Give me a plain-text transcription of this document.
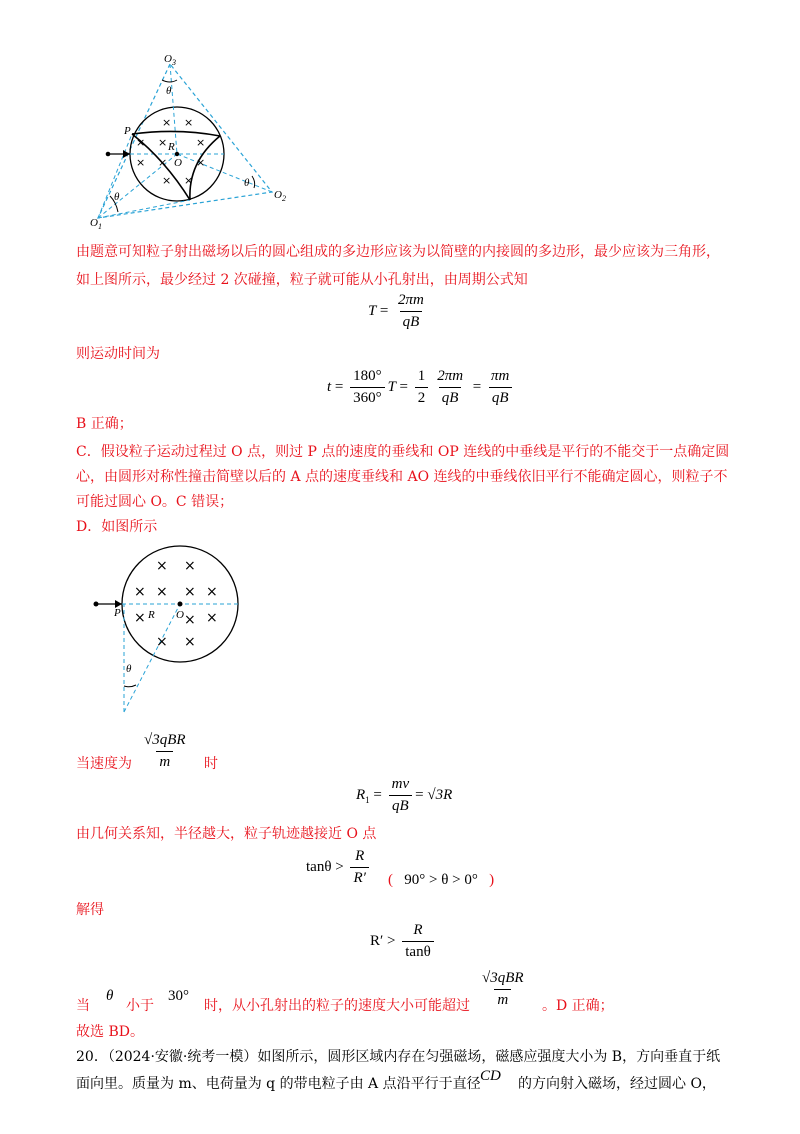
× ×
× ×
× ×
×
×
× ×
$O_3$
θ
P
R
O
θ
θ
$O_1$
$O_2$
由题意可知粒子射出磁场以后的圆心组成的多边形应该为以简壁的内接圆的多边形，最少应该为三角形，
如上图所示，最少经过 2 次碰撞，粒子就可能从小孔射出，由周期公式知
$T = \frac{2\pi m}{qB}$
则运动时间为
$t = \frac{180^\circ}{360^\circ}$ $T = \frac{1}{2} \frac{2\pi m}{qB} = \frac{\pi m}{qB}$
B 正确；
C．假设粒子运动过程过 O 点，则过 P 点的速度的垂线和 OP 连线的中垂线是平行的不能交于一点确定圆
心，由圆形对称性撞击简壁以后的 A 点的速度垂线和 AO 连线的中垂线依旧平行不能确定圆心，则粒子不
可能过圆心 O。C 错误；
D．如图所示
× ×
× × × ×
×	×
× ×
×
P R O
θ
当速度为 $\frac{\text{√3qBR}}{m}$ 时
$R_1 = \frac{mv}{qB} = √3R$
由几何关系知，半径越大，粒子轨迹越接近 O 点
$\tan\theta > \frac{R}{R'}$ ( 90° > θ > 0° )
解得
$R' > \frac{R}{\tan\theta}$
当
θ
小于
30°
时，从小孔射出的粒子的速度大小可能超过 $\frac{\text{√3qBR}}{m}$ 。D 正确；
故选 BD。
20．（2024·安徽·统考一模）如图所示，圆形区域内存在匀强磁场，磁感应强度大小为 B，方向垂直于纸
面向里。质量为 m、电荷量为 q 的带电粒子由 A 点沿平行于直径 CD 的方向射入磁场，经过圆心 O，
